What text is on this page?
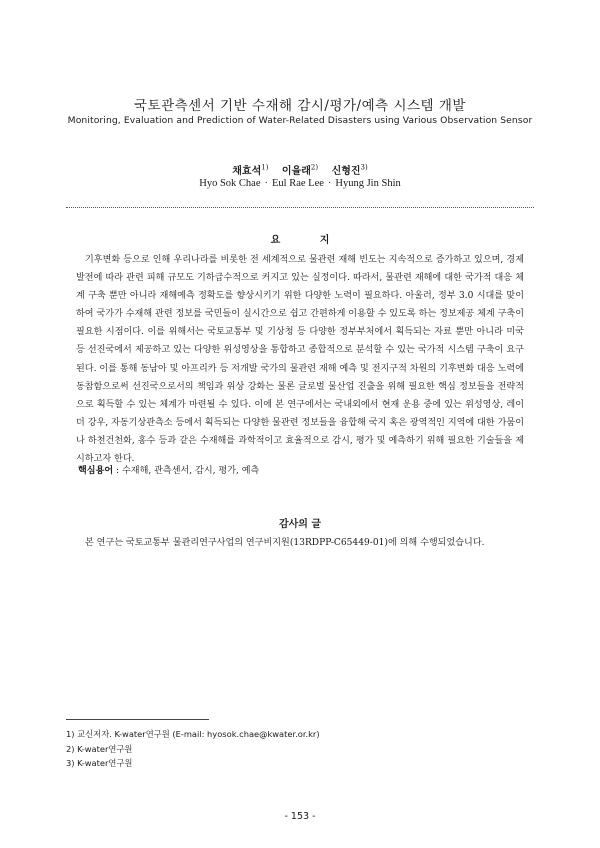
국토관측센서 기반 수재해 감시/평가/예측 시스템 개발
Monitoring, Evaluation and Prediction of Water-Related Disasters using Various Observation Sensor
채효석$^{1)}$ 이을래$^{2)}$ 신형진$^{3)}$
Hyo Sok Chae · Eul Rae Lee · Hyung Jin Shin
요 지
기후변화 등으로 인해 우리나라를 비롯한 전 세계적으로 물관련 재해 빈도는 지속적으로 증가하고 있으며, 경제발전에 따라 관련 피해 규모도 기하급수적으로 커지고 있는 실정이다. 따라서, 물관련 재해에 대한 국가적 대응 체계 구축 뿐만 아니라 재해예측 정확도를 향상시키기 위한 다양한 노력이 필요하다. 아울러, 정부 3.0 시대를 맞이하여 국가가 수재해 관련 정보를 국민들이 실시간으로 쉽고 간편하게 이용할 수 있도록 하는 정보제공 체계 구축이 필요한 시점이다. 이를 위해서는 국토교통부 및 기상청 등 다양한 정부부처에서 획득되는 자료 뿐만 아니라 미국 등 선진국에서 제공하고 있는 다양한 위성영상을 통합하고 종합적으로 분석할 수 있는 국가적 시스템 구축이 요구된다. 이를 통해 동남아 및 아프리카 등 저개발 국가의 물관련 재해 예측 및 전지구적 차원의 기후변화 대응 노력에 동참함으로써 선진국으로서의 책임과 위상 강화는 물론 글로벌 물산업 진출을 위해 필요한 핵심 정보들을 전략적으로 획득할 수 있는 체계가 마련될 수 있다. 이에 본 연구에서는 국내외에서 현재 운용 중에 있는 위성영상, 레이더 강우, 자동기상관측소 등에서 획득되는 다양한 물관련 정보들을 융합해 국지 혹은 광역적인 지역에 대한 가뭄이나 하천건천화, 홍수 등과 같은 수재해를 과학적이고 효율적으로 감시, 평가 및 예측하기 위해 필요한 기술들을 제시하고자 한다.
핵심용어 : 수재해, 관측센서, 감시, 평가, 예측
감사의 글
본 연구는 국토교통부 물관리연구사업의 연구비지원(13RDPP-C65449-01)에 의해 수행되었습니다.
1) 교신저자. K-water연구원 (E-mail: hyosok.chae@kwater.or.kr)
2) K-water연구원
3) K-water연구원
- 153 -
